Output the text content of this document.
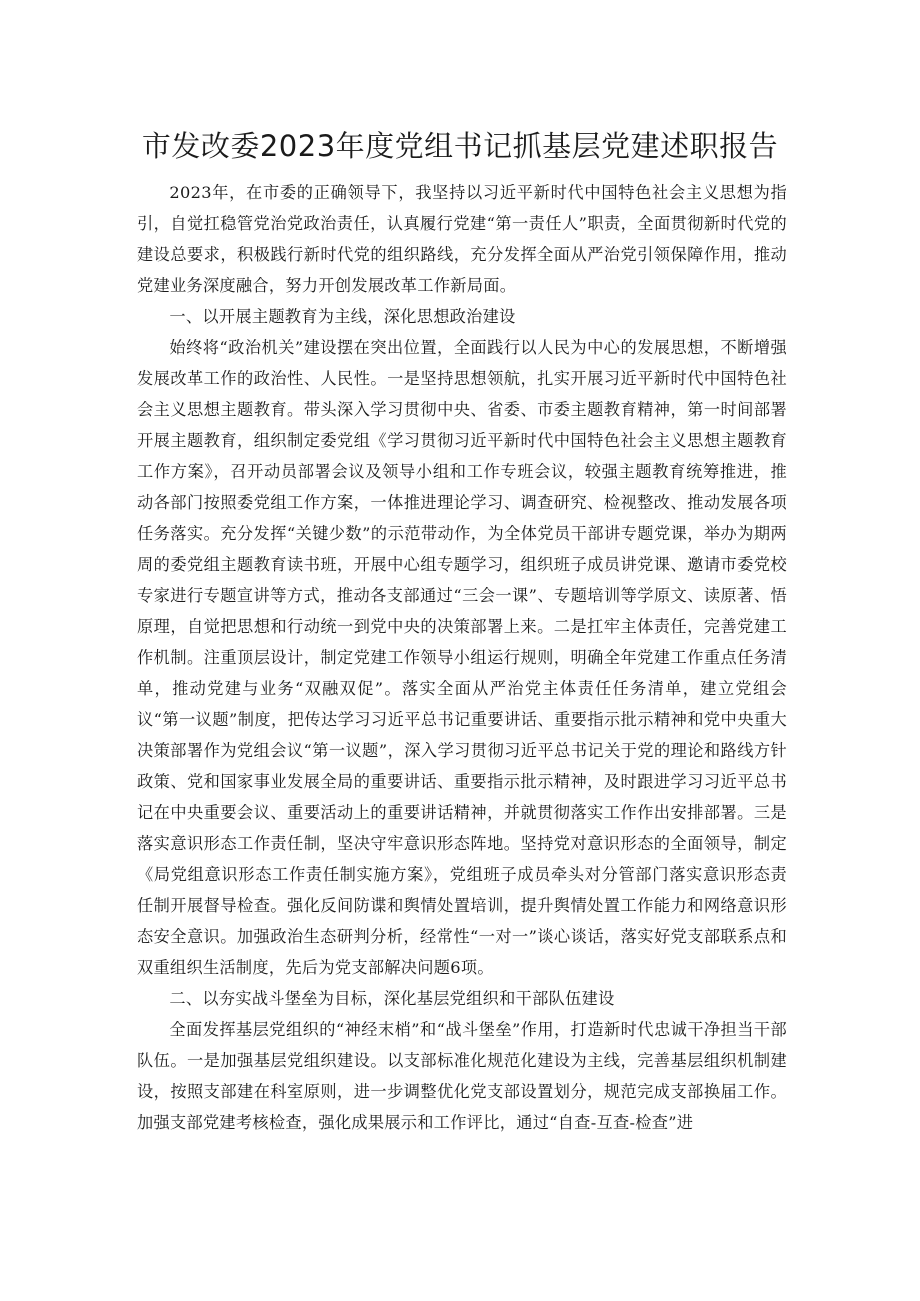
市发改委2023年度党组书记抓基层党建述职报告

2023年，在市委的正确领导下，我坚持以习近平新时代中国特色社会主义思想为指引，自觉扛稳管党治党政治责任，认真履行党建“第一责任人”职责，全面贯彻新时代党的建设总要求，积极践行新时代党的组织路线，充分发挥全面从严治党引领保障作用，推动党建业务深度融合，努力开创发展改革工作新局面。

一、以开展主题教育为主线，深化思想政治建设

始终将“政治机关”建设摆在突出位置，全面践行以人民为中心的发展思想，不断增强发展改革工作的政治性、人民性。一是坚持思想领航，扎实开展习近平新时代中国特色社会主义思想主题教育。带头深入学习贯彻中央、省委、市委主题教育精神，第一时间部署开展主题教育，组织制定委党组《学习贯彻习近平新时代中国特色社会主义思想主题教育工作方案》，召开动员部署会议及领导小组和工作专班会议，较强主题教育统筹推进，推动各部门按照委党组工作方案，一体推进理论学习、调查研究、检视整改、推动发展各项任务落实。充分发挥“关键少数”的示范带动作，为全体党员干部讲专题党课，举办为期两周的委党组主题教育读书班，开展中心组专题学习，组织班子成员讲党课、邀请市委党校专家进行专题宣讲等方式，推动各支部通过“三会一课”、专题培训等学原文、读原著、悟原理，自觉把思想和行动统一到党中央的决策部署上来。二是扛牢主体责任，完善党建工作机制。注重顶层设计，制定党建工作领导小组运行规则，明确全年党建工作重点任务清单，推动党建与业务“双融双促”。落实全面从严治党主体责任任务清单，建立党组会议“第一议题”制度，把传达学习习近平总书记重要讲话、重要指示批示精神和党中央重大决策部署作为党组会议“第一议题”，深入学习贯彻习近平总书记关于党的理论和路线方针政策、党和国家事业发展全局的重要讲话、重要指示批示精神，及时跟进学习习近平总书记在中央重要会议、重要活动上的重要讲话精神，并就贯彻落实工作作出安排部署。三是落实意识形态工作责任制，坚决守牢意识形态阵地。坚持党对意识形态的全面领导，制定《局党组意识形态工作责任制实施方案》，党组班子成员牵头对分管部门落实意识形态责任制开展督导检查。强化反间防谍和舆情处置培训，提升舆情处置工作能力和网络意识形态安全意识。加强政治生态研判分析，经常性“一对一”谈心谈话，落实好党支部联系点和双重组织生活制度，先后为党支部解决问题6项。

二、以夯实战斗堡垒为目标，深化基层党组织和干部队伍建设

全面发挥基层党组织的“神经末梢”和“战斗堡垒”作用，打造新时代忠诚干净担当干部队伍。一是加强基层党组织建设。以支部标准化规范化建设为主线，完善基层组织机制建设，按照支部建在科室原则，进一步调整优化党支部设置划分，规范完成支部换届工作。加强支部党建考核检查，强化成果展示和工作评比，通过“自查-互查-检查”进
